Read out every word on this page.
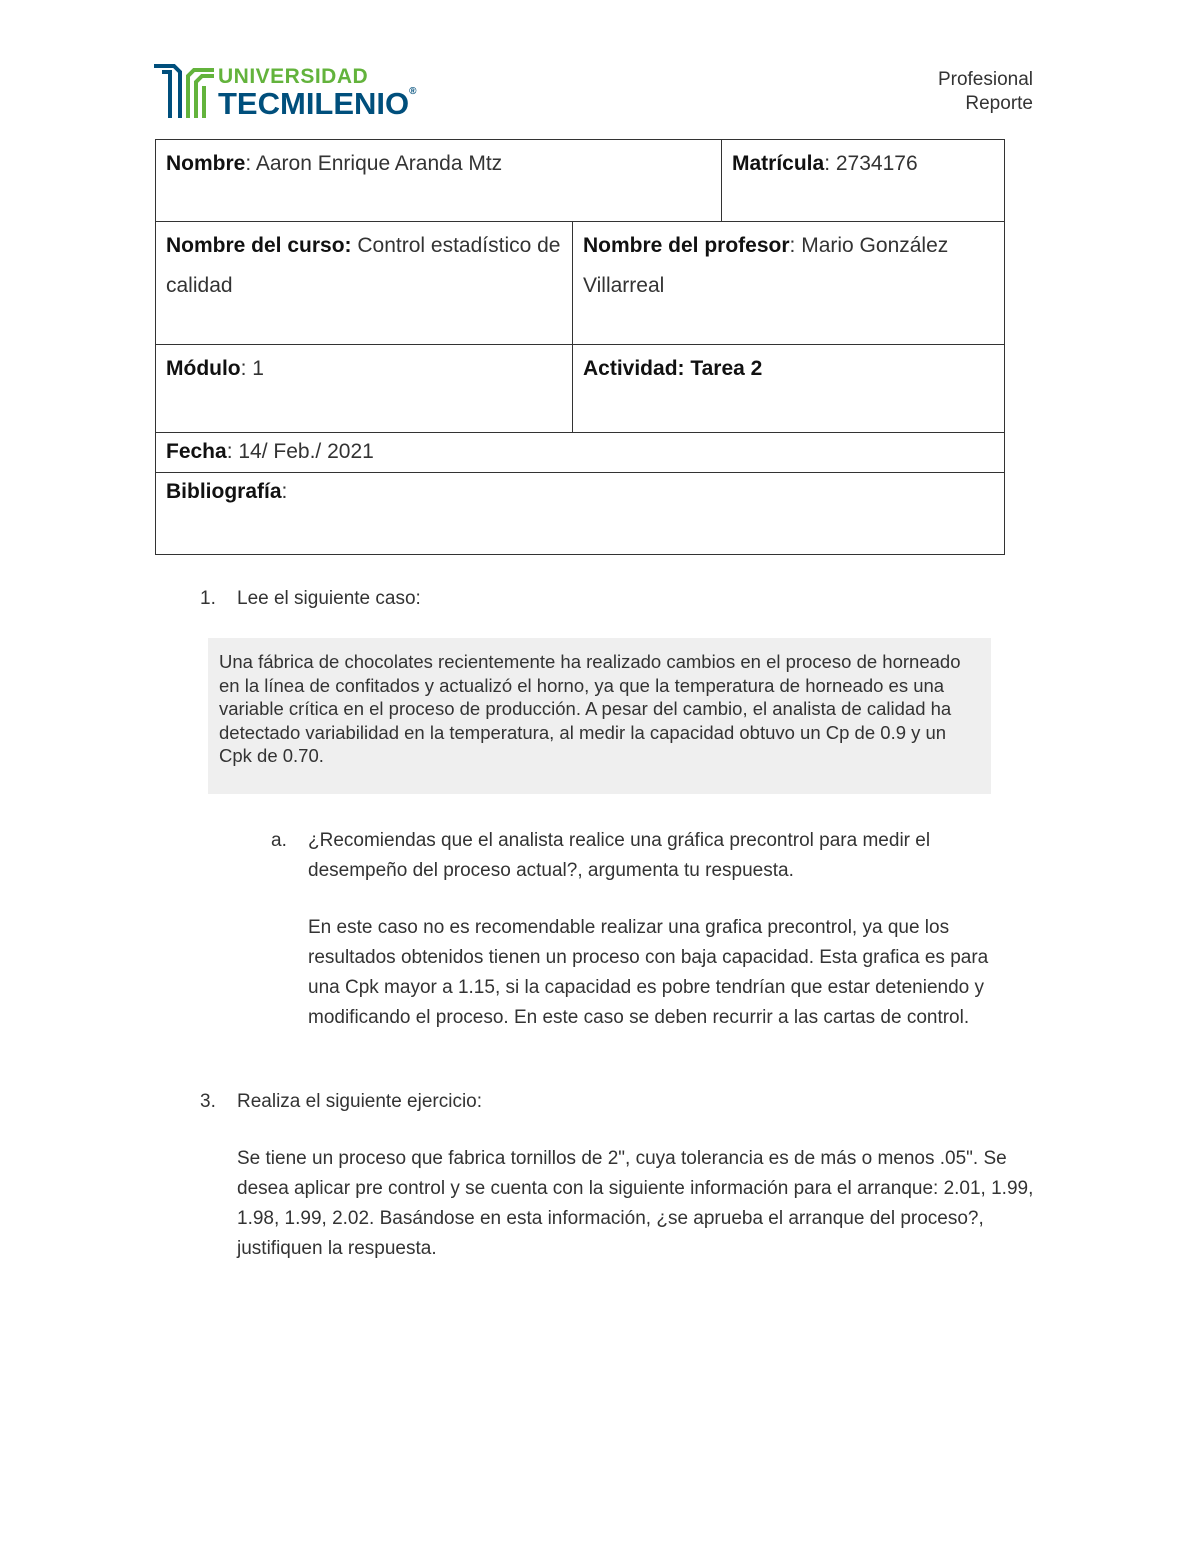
UNIVERSIDAD
TECMILENIO®
Profesional
Reporte
Nombre: Aaron Enrique Aranda Mtz		Matrícula: 2734176
Nombre del curso: Control estadístico de calidad	Nombre del profesor: Mario González Villarreal	
Módulo: 1	Actividad: Tarea 2	
Fecha: 14/ Feb./ 2021		
Bibliografía:		
1. Lee el siguiente caso:
Una fábrica de chocolates recientemente ha realizado cambios en el proceso de horneado en la línea de confitados y actualizó el horno, ya que la temperatura de horneado es una variable crítica en el proceso de producción. A pesar del cambio, el analista de calidad ha detectado variabilidad en la temperatura, al medir la capacidad obtuvo un Cp de 0.9 y un Cpk de 0.70.
a. ¿Recomiendas que el analista realice una gráfica precontrol para medir el desempeño del proceso actual?, argumenta tu respuesta.
En este caso no es recomendable realizar una grafica precontrol, ya que los resultados obtenidos tienen un proceso con baja capacidad. Esta grafica es para una Cpk mayor a 1.15, si la capacidad es pobre tendrían que estar deteniendo y modificando el proceso. En este caso se deben recurrir a las cartas de control.
3. Realiza el siguiente ejercicio:
Se tiene un proceso que fabrica tornillos de 2", cuya tolerancia es de más o menos .05". Se desea aplicar pre control y se cuenta con la siguiente información para el arranque: 2.01, 1.99, 1.98, 1.99, 2.02. Basándose en esta información, ¿se aprueba el arranque del proceso?, justifiquen la respuesta.
